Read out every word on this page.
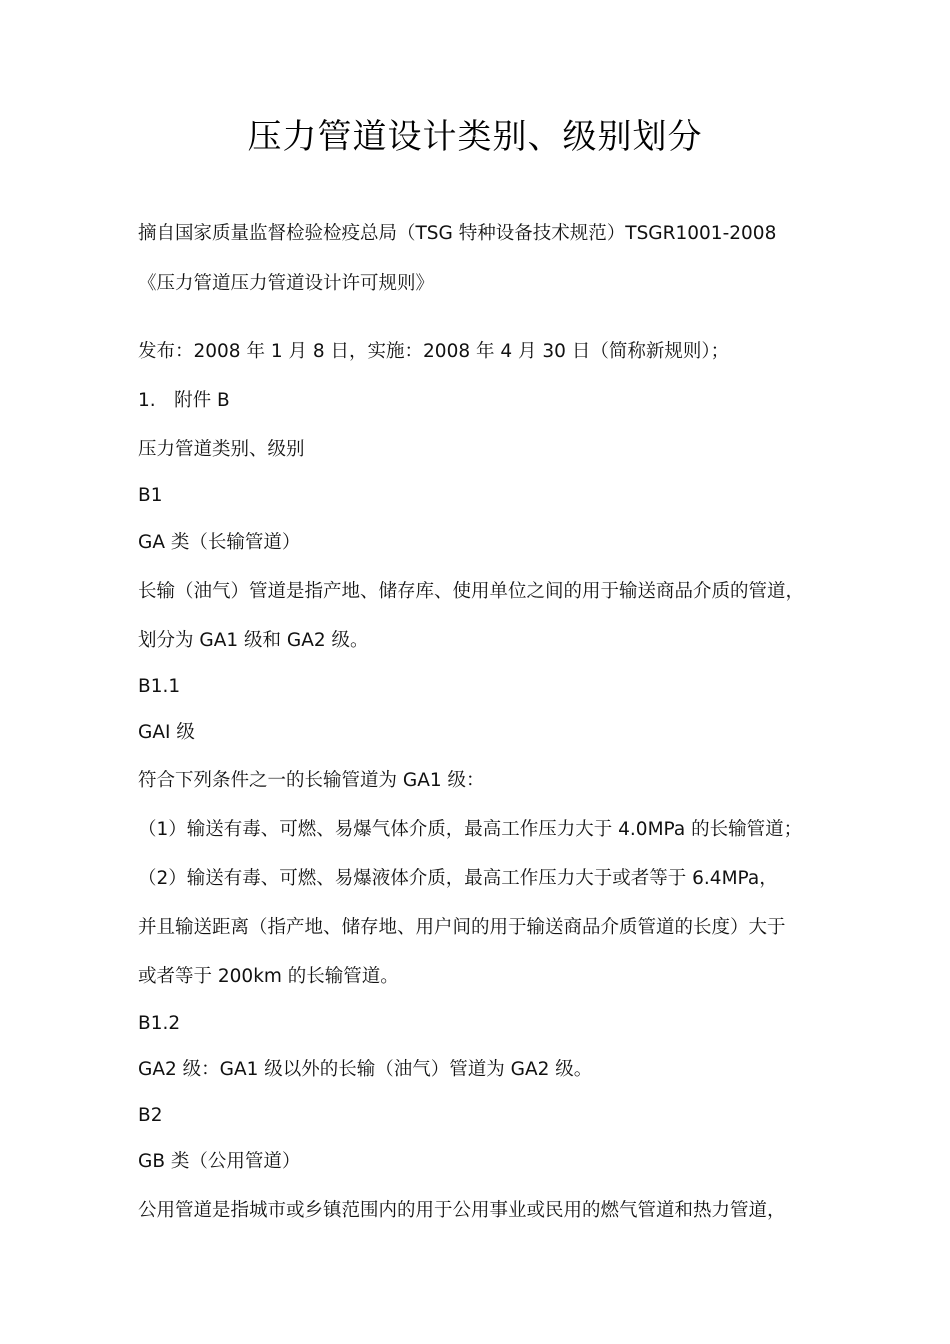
压力管道设计类别、级别划分
摘自国家质量监督检验检疫总局（TSG 特种设备技术规范）TSGR1001-2008
《压力管道压力管道设计许可规则》
发布：2008 年 1 月 8 日，实施：2008 年 4 月 30 日（简称新规则）；
1.　附件 B
压力管道类别、级别
B1
GA 类（长输管道）
长输（油气）管道是指产地、储存库、使用单位之间的用于输送商品介质的管道，
划分为 GA1 级和 GA2 级。
B1.1
GAI 级
符合下列条件之一的长输管道为 GA1 级：
（1）输送有毒、可燃、易爆气体介质，最高工作压力大于 4.0MPa 的长输管道；
（2）输送有毒、可燃、易爆液体介质，最高工作压力大于或者等于 6.4MPa，
并且输送距离（指产地、储存地、用户间的用于输送商品介质管道的长度）大于
或者等于 200km 的长输管道。
B1.2
GA2 级：GA1 级以外的长输（油气）管道为 GA2 级。
B2
GB 类（公用管道）
公用管道是指城市或乡镇范围内的用于公用事业或民用的燃气管道和热力管道，
